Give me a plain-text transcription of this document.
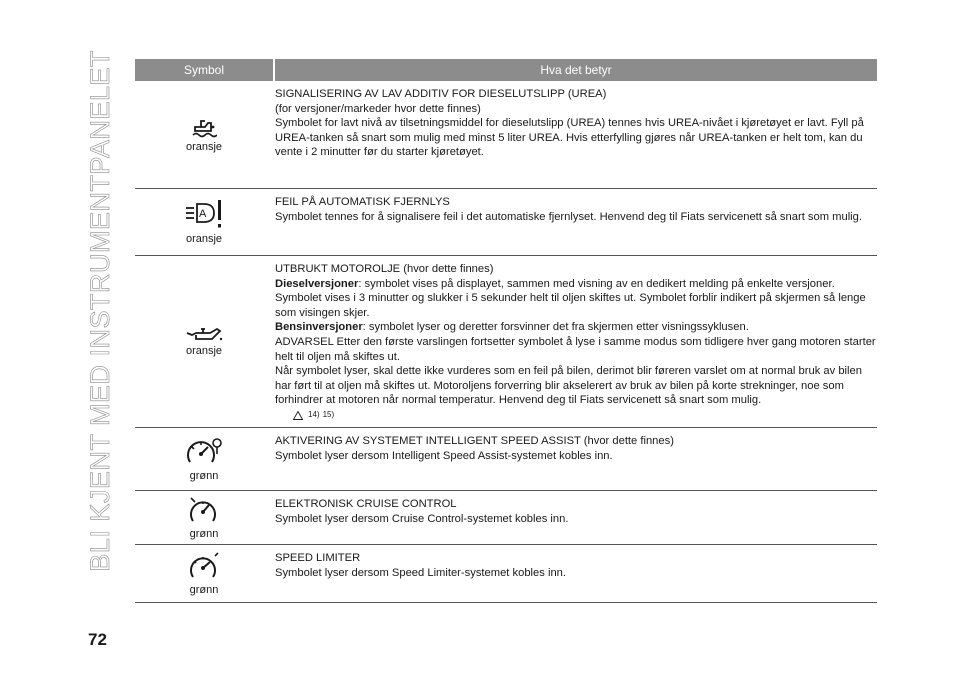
BLI KJENT MED INSTRUMENTPANELET	Symbol	Hva det betyr
oransje

SIGNALISERING AV LAV ADDITIV FOR DIESELUTSLIPP (UREA)

(for versjoner/markeder hvor dette finnes)

Symbolet for lavt nivå av tilsetningsmiddel for dieselutslipp (UREA) tennes hvis UREA-nivået i kjøretøyet er lavt. Fyll på UREA-tanken så snart som mulig med minst 5 liter UREA. Hvis etterfylling gjøres når UREA-tanken er helt tom, kan du vente i 2 minutter før du starter kjøretøyet.

A
oransje

FEIL PÅ AUTOMATISK FJERNLYS

Symbolet tennes for å signalisere feil i det automatiske fjernlyset. Henvend deg til Fiats servicenett så snart som mulig.

oransje

UTBRUKT MOTOROLJE (hvor dette finnes)

Dieselversjoner: symbolet vises på displayet, sammen med visning av en dedikert melding på enkelte versjoner. Symbolet vises i 3 minutter og slukker i 5 sekunder helt til oljen skiftes ut. Symbolet forblir indikert på skjermen så lenge som visingen skjer.

Bensinversjoner: symbolet lyser og deretter forsvinner det fra skjermen etter visningssyklusen.

ADVARSEL Etter den første varslingen fortsetter symbolet å lyse i samme modus som tidligere hver gang motoren starter helt til oljen må skiftes ut.

Når symbolet lyser, skal dette ikke vurderes som en feil på bilen, derimot blir føreren varslet om at normal bruk av bilen har ført til at oljen må skiftes ut. Motoroljens forverring blir akselerert av bruk av bilen på korte strekninger, noe som forhindrer at motoren når normal temperatur. Henvend deg til Fiats servicenett så snart som mulig.

14) 15)
grønn

AKTIVERING AV SYSTEMET INTELLIGENT SPEED ASSIST (hvor dette finnes)

Symbolet lyser dersom Intelligent Speed Assist-systemet kobles inn.

grønn

ELEKTRONISK CRUISE CONTROL

Symbolet lyser dersom Cruise Control-systemet kobles inn.

grønn

SPEED LIMITER

Symbolet lyser dersom Speed Limiter-systemet kobles inn.

72
